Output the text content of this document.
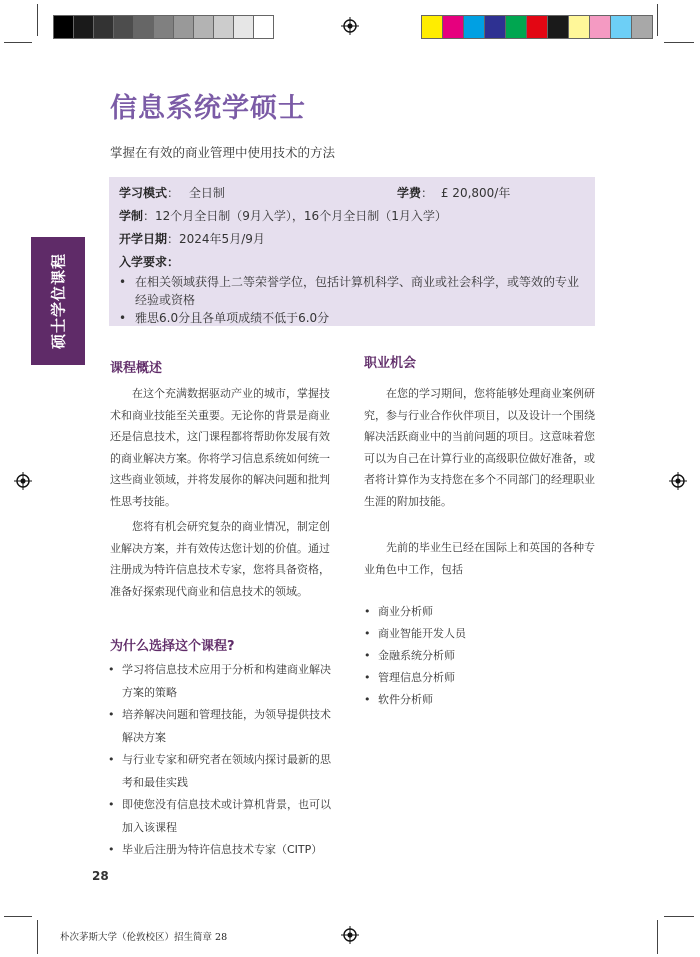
信息系统学硕士
掌握在有效的商业管理中使用技术的方法
学习模式： 全日制	学费： £ 20,800/年
学制：12个月全日制（9月入学），16个月全日制（1月入学）
开学日期：2024年5月/9月
入学要求：
• 在相关领域获得上二等荣誉学位，包括计算机科学、商业或社会科学，或等效的专业经验或资格
• 雅思6.0分且各单项成绩不低于6.0分
硕士学位课程
课程概述

在这个充满数据驱动产业的城市，掌握技术和商业技能至关重要。无论你的背景是商业还是信息技术，这门课程都将帮助你发展有效的商业解决方案。你将学习信息系统如何统一这些商业领域，并将发展你的解决问题和批判性思考技能。

您将有机会研究复杂的商业情况，制定创业解决方案，并有效传达您计划的价值。通过注册成为特许信息技术专家，您将具备资格，准备好探索现代商业和信息技术的领域。

为什么选择这个课程?
• 学习将信息技术应用于分析和构建商业解决方案的策略
• 培养解决问题和管理技能，为领导提供技术解决方案
• 与行业专家和研究者在领域内探讨最新的思考和最佳实践
• 即使您没有信息技术或计算机背景，也可以加入该课程
• 毕业后注册为特许信息技术专家（CITP）
职业机会

在您的学习期间，您将能够处理商业案例研究，参与行业合作伙伴项目，以及设计一个围绕解决活跃商业中的当前问题的项目。这意味着您可以为自己在计算行业的高级职位做好准备，或者将计算作为支持您在多个不同部门的经理职业生涯的附加技能。

先前的毕业生已经在国际上和英国的各种专业角色中工作，包括

• 商业分析师
• 商业智能开发人员
• 金融系统分析师
• 管理信息分析师
• 软件分析师
28
朴次茅斯大学（伦敦校区）招生简章 28
